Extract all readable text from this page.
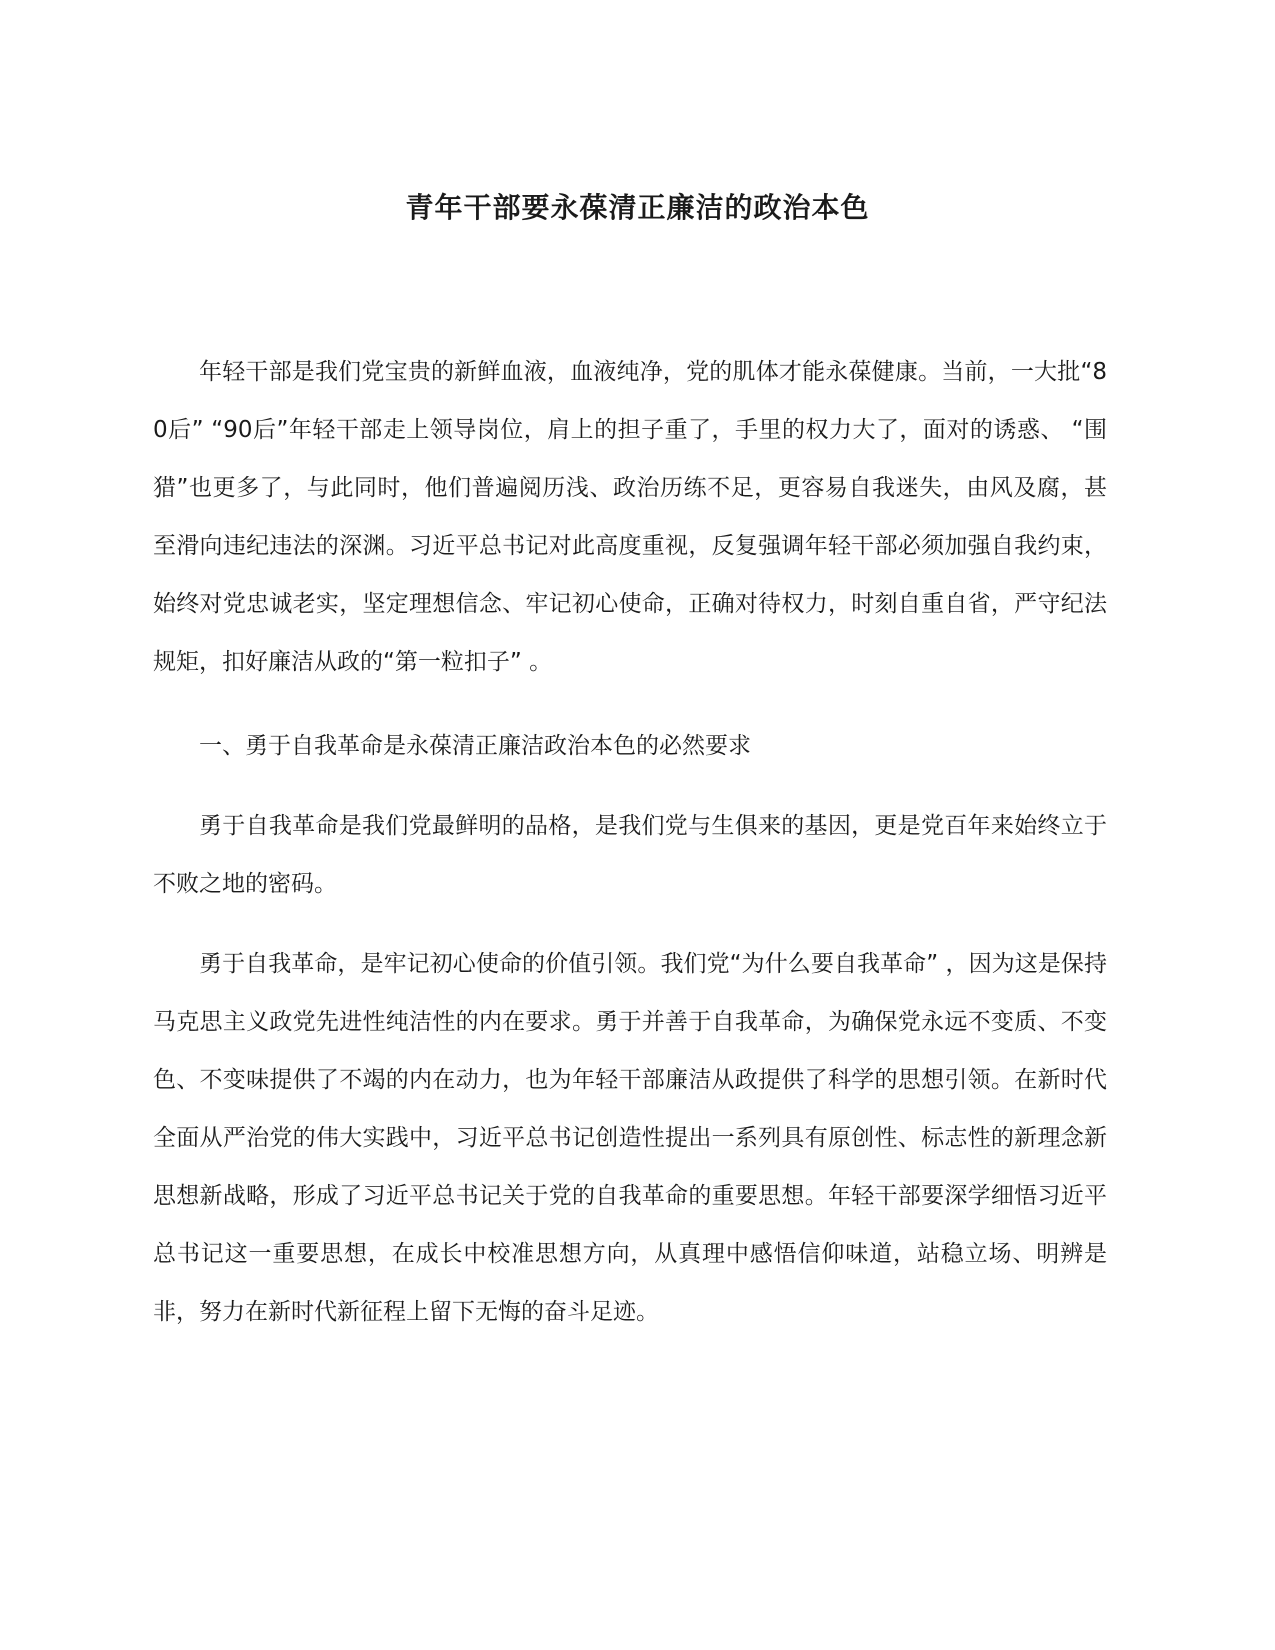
青年干部要永葆清正廉洁的政治本色

年轻干部是我们党宝贵的新鲜血液，血液纯净，党的肌体才能永葆健康。当前，一大批“80后” “90后”年轻干部走上领导岗位，肩上的担子重了，手里的权力大了，面对的诱惑、 “围猎”也更多了，与此同时，他们普遍阅历浅、政治历练不足，更容易自我迷失，由风及腐，甚至滑向违纪违法的深渊。习近平总书记对此高度重视，反复强调年轻干部必须加强自我约束，始终对党忠诚老实，坚定理想信念、牢记初心使命，正确对待权力，时刻自重自省，严守纪法规矩，扣好廉洁从政的“第一粒扣子” 。

一、勇于自我革命是永葆清正廉洁政治本色的必然要求

勇于自我革命是我们党最鲜明的品格，是我们党与生俱来的基因，更是党百年来始终立于不败之地的密码。

勇于自我革命，是牢记初心使命的价值引领。我们党“为什么要自我革命” ，因为这是保持马克思主义政党先进性纯洁性的内在要求。勇于并善于自我革命，为确保党永远不变质、不变色、不变味提供了不竭的内在动力，也为年轻干部廉洁从政提供了科学的思想引领。在新时代全面从严治党的伟大实践中，习近平总书记创造性提出一系列具有原创性、标志性的新理念新思想新战略，形成了习近平总书记关于党的自我革命的重要思想。年轻干部要深学细悟习近平总书记这一重要思想，在成长中校准思想方向，从真理中感悟信仰味道，站稳立场、明辨是非，努力在新时代新征程上留下无悔的奋斗足迹。
